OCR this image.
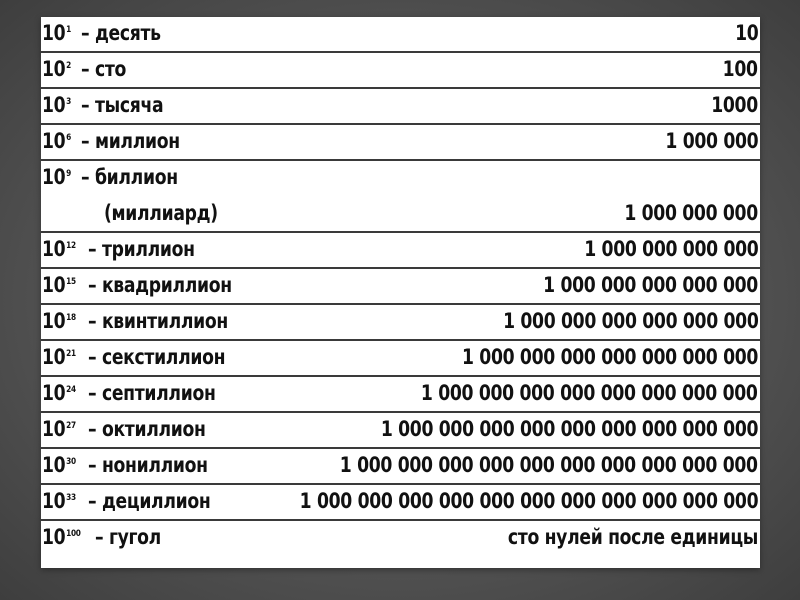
$10^1$ – десять	10
$10^2$ – сто	100
$10^3$ – тысяча	1000
$10^6$ – миллион	1 000 000
$10^9$ – биллион
(миллиард)	1 000 000 000
$10^{12}$ – триллион	1 000 000 000 000
$10^{15}$ – квадриллион	1 000 000 000 000 000
$10^{18}$ – квинтиллион	1 000 000 000 000 000 000
$10^{21}$ – секстиллион	1 000 000 000 000 000 000 000
$10^{24}$ – септиллион	1 000 000 000 000 000 000 000 000
$10^{27}$ – октиллион	1 000 000 000 000 000 000 000 000 000
$10^{30}$ – нониллион	1 000 000 000 000 000 000 000 000 000 000
$10^{33}$ – дециллион	1 000 000 000 000 000 000 000 000 000 000 000
$10^{100}$ – гугол	сто нулей после единицы
